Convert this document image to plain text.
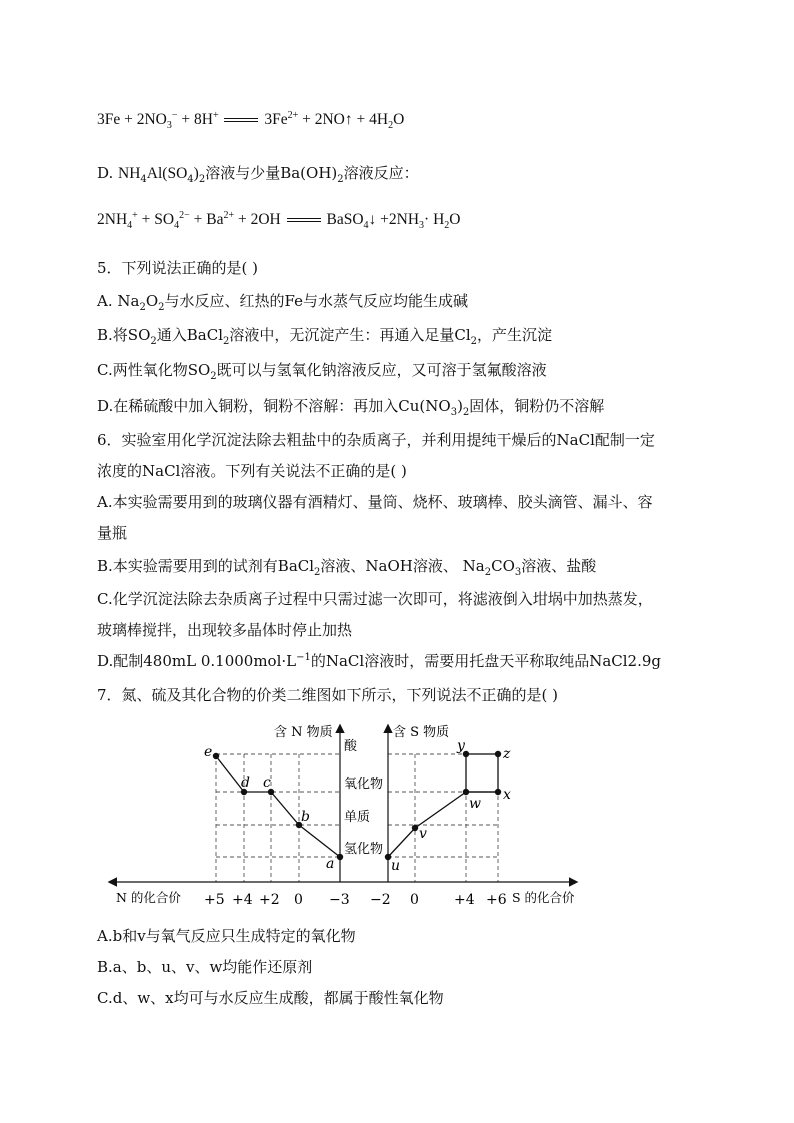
$3Fe + 2NO_3^- + 8H^+$	$3Fe^{2+}$ + 2NO↑ + $4H_2O$
D. $NH_4Al(SO_4)_2$溶液与少量$Ba(OH)_2$溶液反应：
$2NH_4^+ + SO_4^{2-} + Ba^{2+} + 2OH$	BaSO$_4$↓ $+2NH_3\cdot H_2O$
5．下列说法正确的是( )
A. $Na_2O_2$与水反应、红热的Fe与水蒸气反应均能生成碱
B.将$SO_2$通入BaCl$_2$溶液中，无沉淀产生：再通入足量$Cl_2$，产生沉淀
C.两性氧化物$SO_2$既可以与氢氧化钠溶液反应，又可溶于氢氟酸溶液
D.在稀硫酸中加入铜粉，铜粉不溶解：再加入$Cu(NO_3)_2$固体，铜粉仍不溶解
6．实验室用化学沉淀法除去粗盐中的杂质离子，并利用提纯干燥后的NaCl配制一定
浓度的NaCl溶液。下列有关说法不正确的是( )
A.本实验需要用到的玻璃仪器有酒精灯、量筒、烧杯、玻璃棒、胶头滴管、漏斗、容
量瓶
B.本实验需要用到的试剂有BaCl$_2$溶液、NaOH溶液、 $Na_2CO_3$溶液、盐酸
C.化学沉淀法除去杂质离子过程中只需过滤一次即可，将滤液倒入坩埚中加热蒸发，
玻璃棒搅拌，出现较多晶体时停止加热
D.配制480mL $0.1000mol\cdot L^{-1}$的NaCl溶液时，需要用托盘天平称取纯品NaCl2.9g
7．氮、硫及其化合物的价类二维图如下所示，下列说法不正确的是( )
含 N 物质	含 S 物质
酸
氧化物
单质
氢化物
e
d c
b
a	u
v
w
x
y	z
+5 +4 +2 0 −3 −2 0	+4 +6
N 的化合价	S 的化合价
A.b和v与氧气反应只生成特定的氧化物
B.a、b、u、v、w均能作还原剂
C.d、w、x均可与水反应生成酸，都属于酸性氧化物
